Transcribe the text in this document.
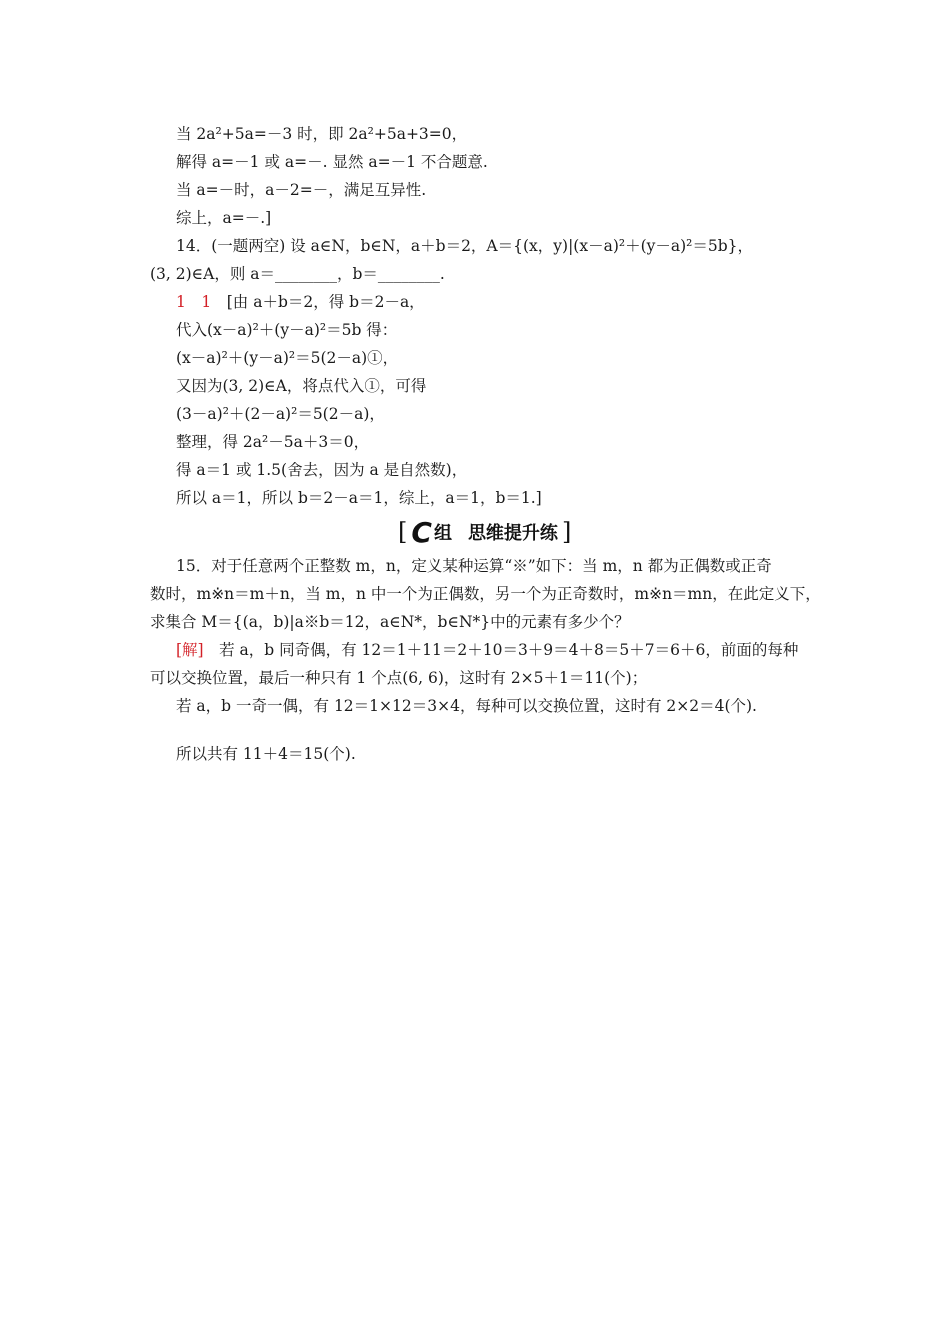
当 2a²+5a=－3 时，即 2a²+5a+3=0，
解得 a=－1 或 a=－. 显然 a=－1 不合题意.
当 a=－时，a－2=－，满足互异性.
综上，a=－.]
14．(一题两空) 设 a∈N，b∈N，a＋b＝2，A＝{(x，y)|(x－a)²＋(y－a)²＝5b}，
(3, 2)∈A，则 a＝________，b＝________.
1　1　[由 a＋b＝2，得 b＝2－a，
代入(x－a)²＋(y－a)²＝5b 得：
(x－a)²＋(y－a)²＝5(2－a)①，
又因为(3, 2)∈A，将点代入①，可得
(3－a)²＋(2－a)²＝5(2－a)，
整理，得 2a²－5a＋3＝0，
得 a＝1 或 1.5(舍去，因为 a 是自然数)，
所以 a＝1，所以 b＝2－a＝1，综上，a＝1，b＝1.]
[ C 组 思维提升练 ]
15．对于任意两个正整数 m，n，定义某种运算“※”如下：当 m，n 都为正偶数或正奇
数时，m※n＝m＋n，当 m，n 中一个为正偶数，另一个为正奇数时，m※n＝mn，在此定义下，
求集合 M＝{(a，b)|a※b＝12，a∈N*，b∈N*}中的元素有多少个？
[解]　若 a，b 同奇偶，有 12＝1＋11＝2＋10＝3＋9＝4＋8＝5＋7＝6＋6，前面的每种
可以交换位置，最后一种只有 1 个点(6, 6)，这时有 2×5＋1＝11(个)；
若 a，b 一奇一偶，有 12＝1×12＝3×4，每种可以交换位置，这时有 2×2＝4(个).
所以共有 11＋4＝15(个).
